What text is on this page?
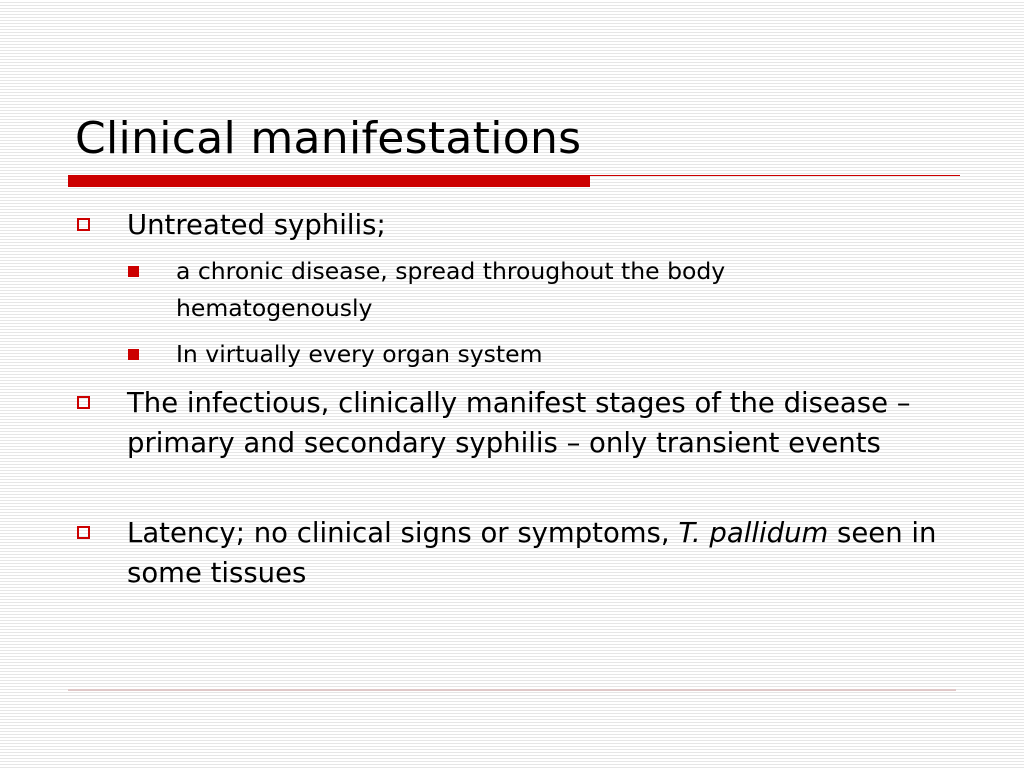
Clinical manifestations
Untreated syphilis;
a chronic disease, spread throughout the body hematogenously
In virtually every organ system
The infectious, clinically manifest stages of the disease – primary and secondary syphilis – only transient events
Latency; no clinical signs or symptoms, T. pallidum seen in some tissues
